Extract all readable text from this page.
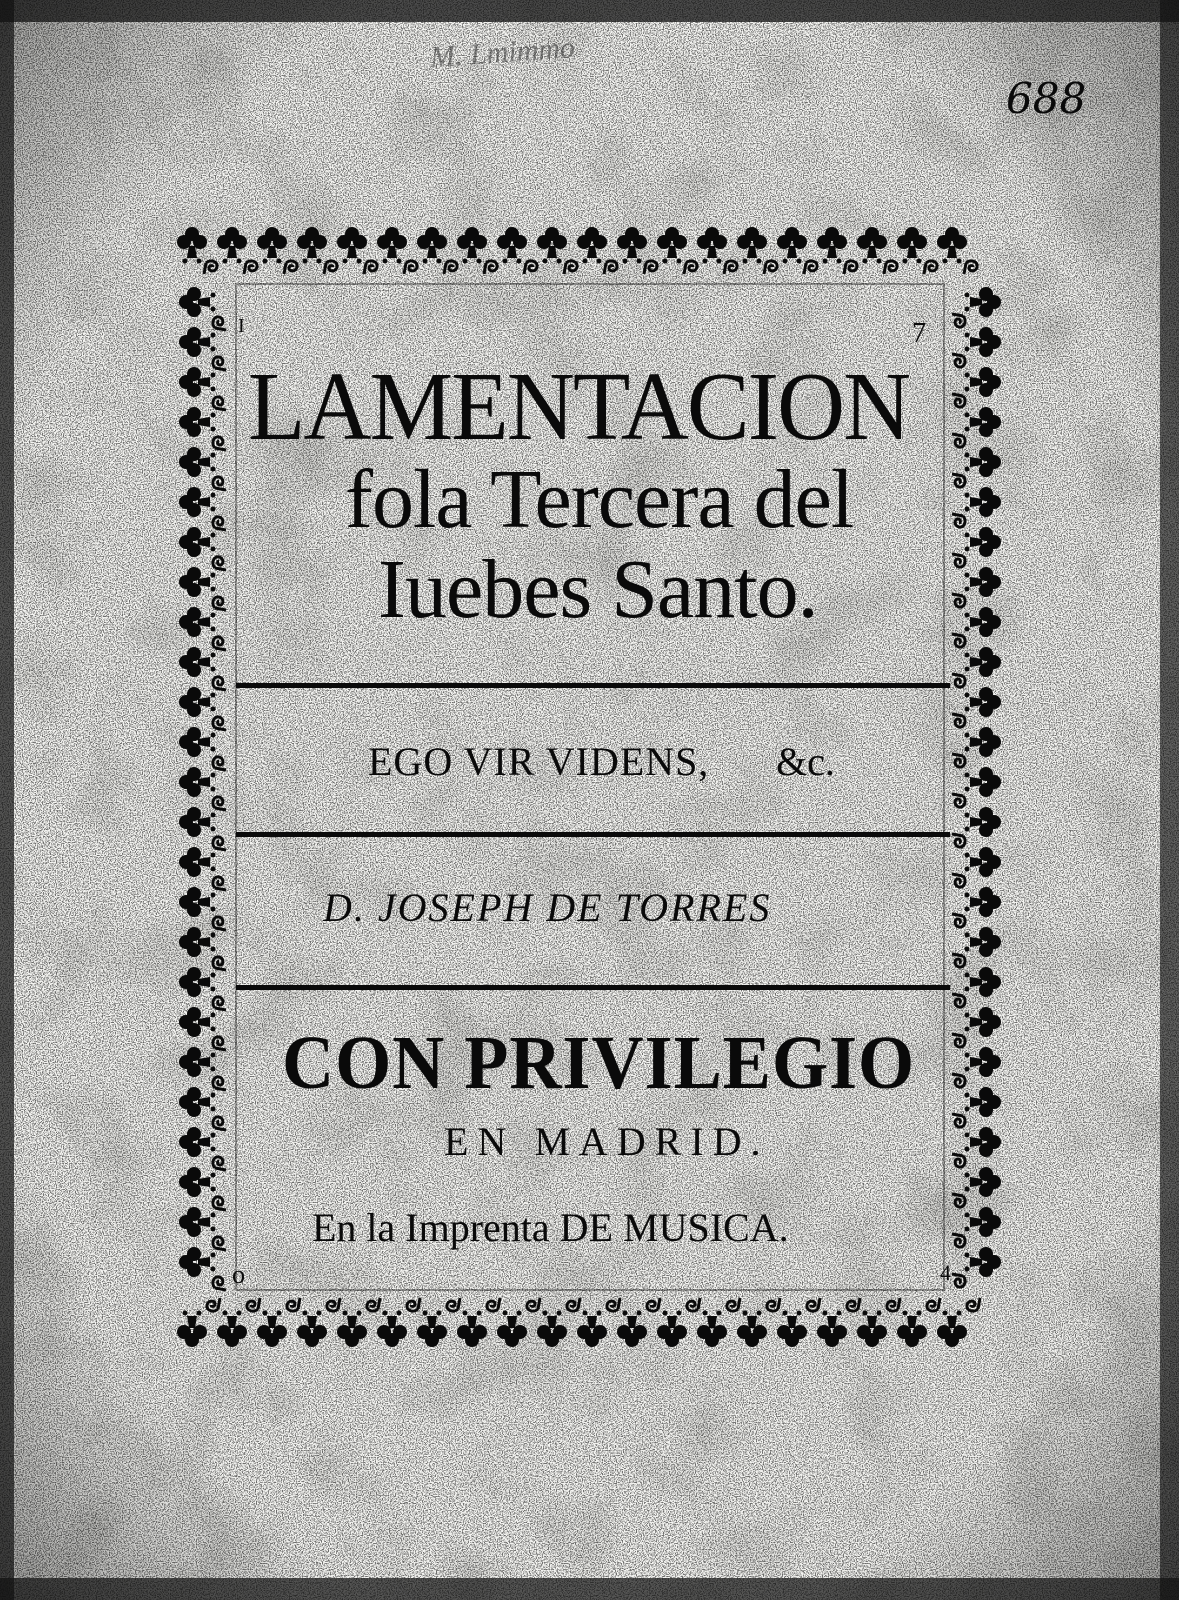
M. Lmimmo
688
I	7
LAMENTACION
fola Tercera del
Iuebes Santo.
EGO VIR VIDENS, &c.
D. JOSEPH DE TORRES
CON PRIVILEGIO
EN MADRID.
En la Imprenta DE MUSICA.
o	4
